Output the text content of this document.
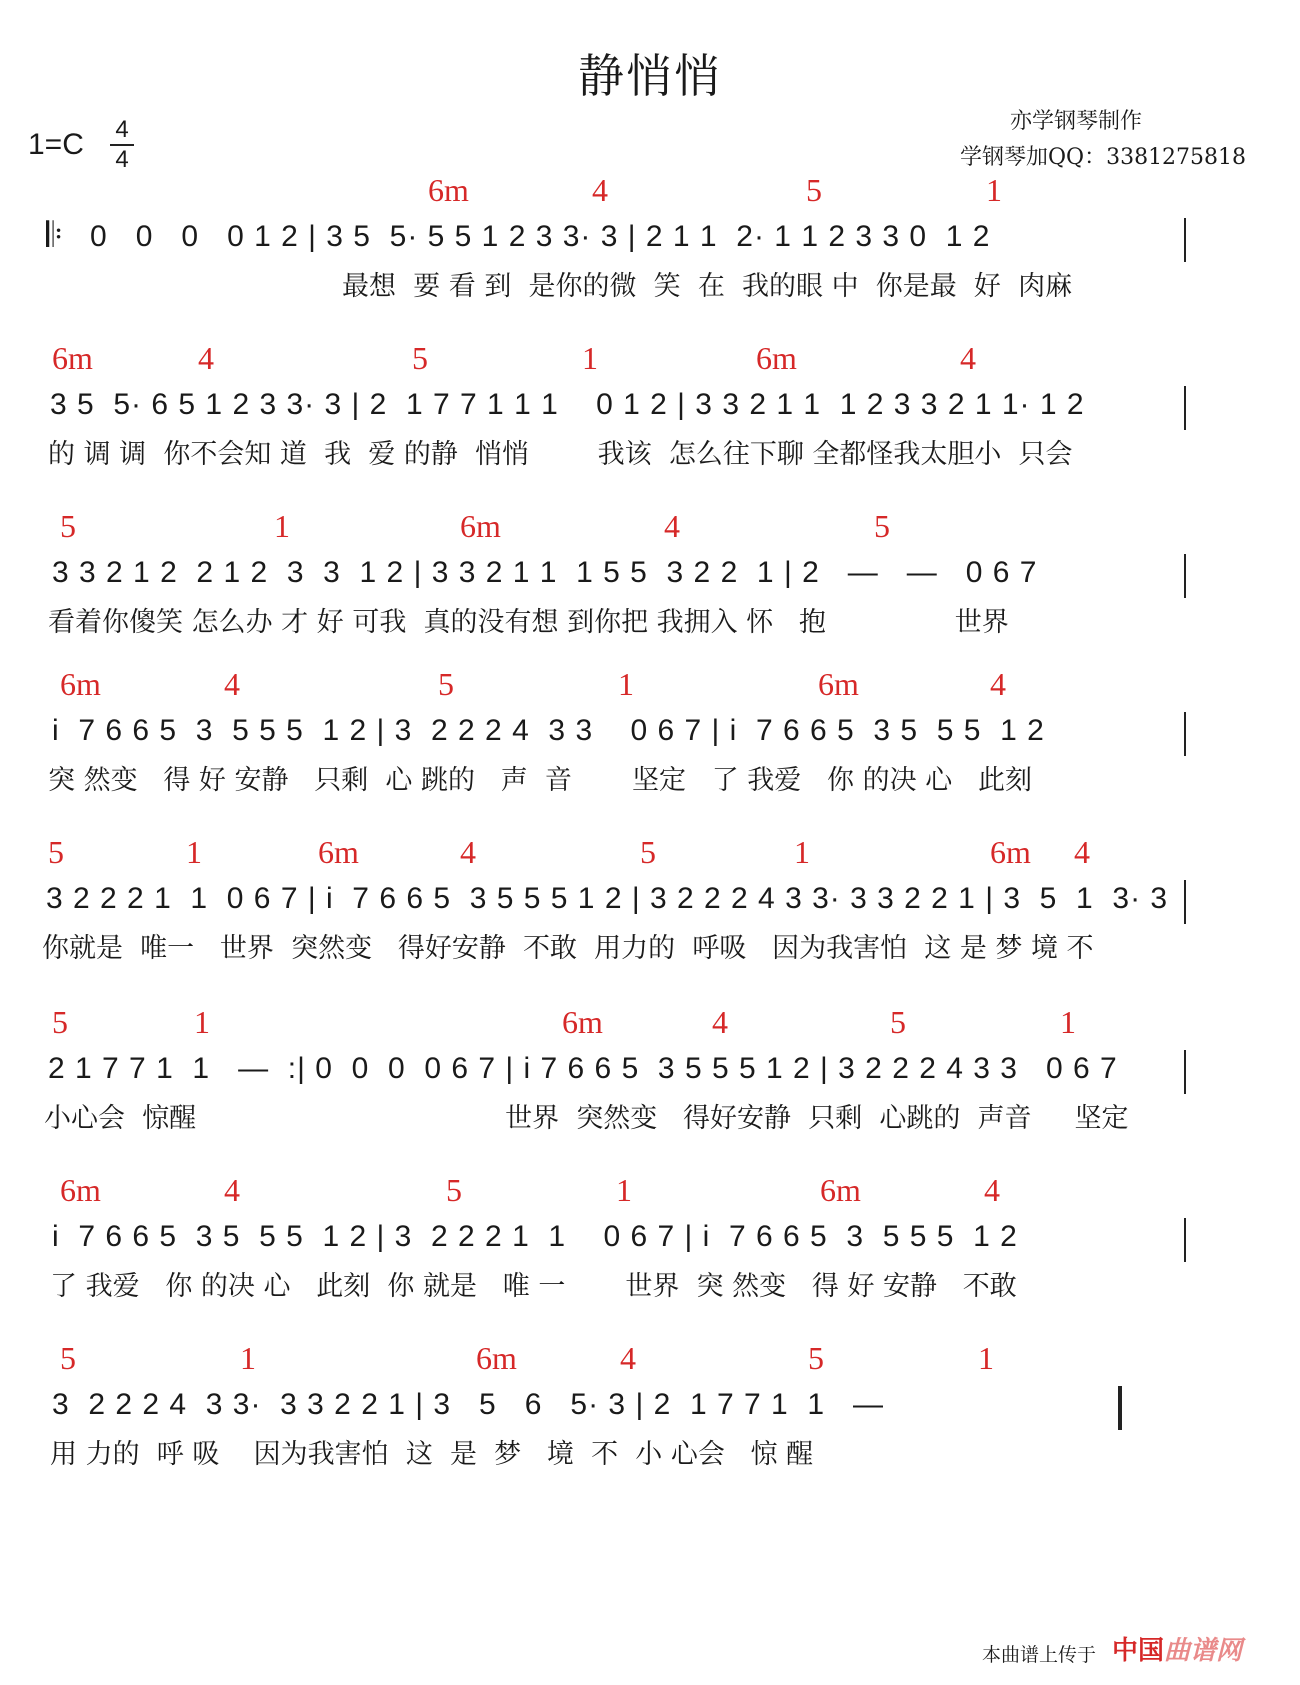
静悄悄
1=C	4
4
亦学钢琴制作
学钢琴加QQ：3381275818
6m	4	5	1
𝄆 0   0   0   0 1 2 | 3 5  5· 5 5 1 2 3 3· 3 | 2 1 1  2· 1 1 2 3 3 0  1 2
最想  要 看 到  是你的微  笑  在  我的眼 中  你是最  好  肉麻
6m	4	5	1	6m	4
3 5  5· 6 5 1 2 3 3· 3 | 2  1 7 7 1 1 1    0 1 2 | 3 3 2 1 1  1 2 3 3 2 1 1· 1 2
的 调 调  你不会知 道  我  爱 的静  悄悄        我该  怎么往下聊 全都怪我太胆小  只会
5	1	6m	4	5
3 3 2 1 2  2 1 2  3  3  1 2 | 3 3 2 1 1  1 5 5  3 2 2  1 | 2   —   —   0 6 7
看着你傻笑 怎么办 才 好 可我  真的没有想 到你把 我拥入 怀   抱               世界
6m	4	5	1	6m	4
i  7 6 6 5  3  5 5 5  1 2 | 3  2 2 2 4  3 3    0 6 7 | i  7 6 6 5  3 5  5 5  1 2
突 然变   得 好 安静   只剩  心 跳的   声  音       坚定   了 我爱   你 的决 心   此刻
5	1	6m	4	5	1	6m 4
3 2 2 2 1  1  0 6 7 | i  7 6 6 5  3 5 5 5 1 2 | 3 2 2 2 4 3 3· 3 3 2 2 1 | 3  5  1  3· 3
你就是  唯一   世界  突然变   得好安静  不敢  用力的  呼吸   因为我害怕  这 是 梦 境 不
5	1	6m	4	5	1
2 1 7 7 1  1   —  :| 0  0  0  0 6 7 | i 7 6 6 5  3 5 5 5 1 2 | 3 2 2 2 4 3 3   0 6 7
小心会  惊醒                                    世界  突然变   得好安静  只剩  心跳的  声音     坚定
6m	4	5	1	6m	4
i  7 6 6 5  3 5  5 5  1 2 | 3  2 2 2 1  1    0 6 7 | i  7 6 6 5  3  5 5 5  1 2
了 我爱   你 的决 心   此刻  你 就是   唯 一       世界  突 然变   得 好 安静   不敢
5	1	6m	4	5	1
3  2 2 2 4  3 3·  3 3 2 2 1 | 3   5   6   5· 3 | 2  1 7 7 1  1   —
用 力的  呼 吸    因为我害怕  这  是  梦   境  不  小 心会   惊 醒
本曲谱上传于 中国曲谱网
